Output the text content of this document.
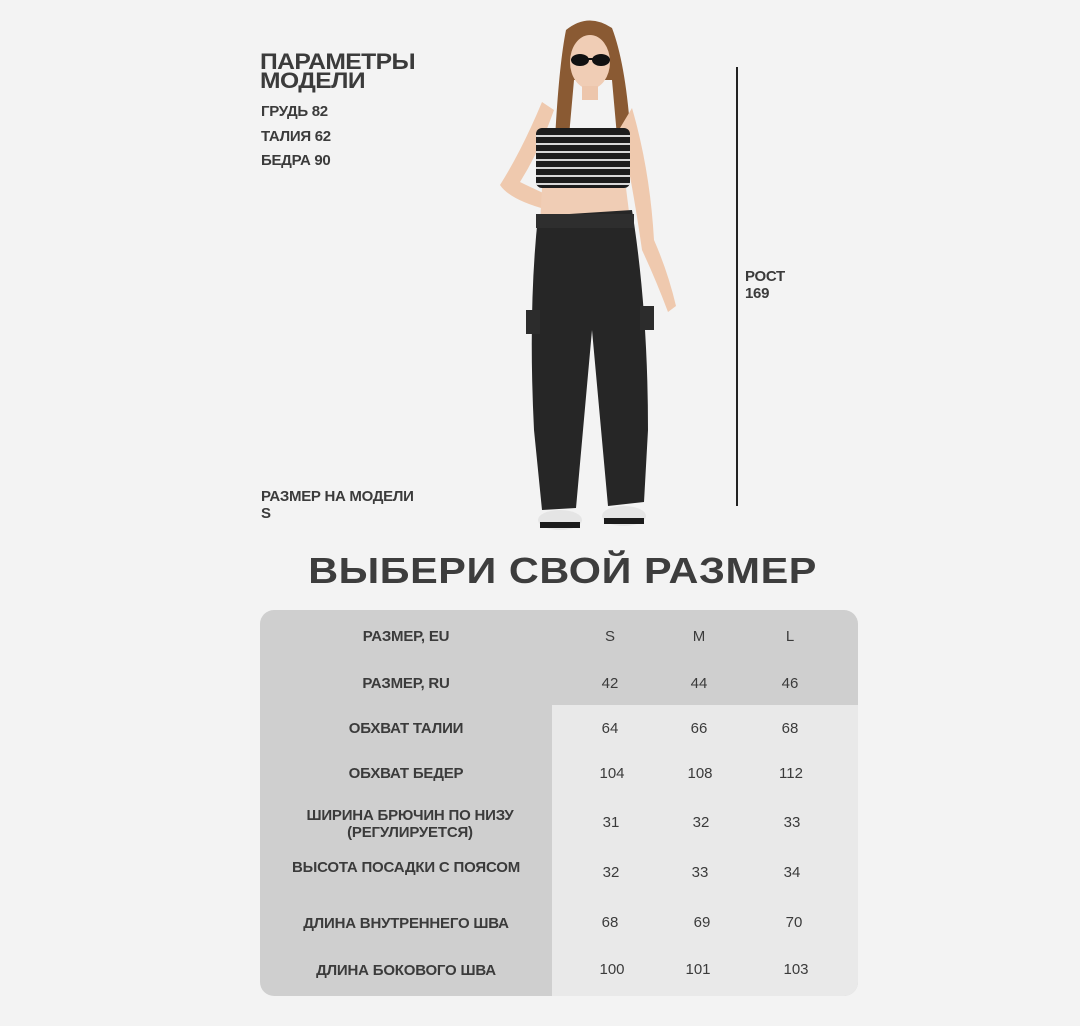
ПАРАМЕТРЫ МОДЕЛИ
ГРУДЬ 82
ТАЛИЯ 62
БЕДРА 90
РАЗМЕР НА МОДЕЛИ
S
РОСТ
169
ВЫБЕРИ СВОЙ РАЗМЕР
РАЗМЕР, EU	S	M	L
РАЗМЕР, RU	42	44	46
ОБХВАТ ТАЛИИ	64	66	68
ОБХВАТ БЕДЕР	104	108	112
ШИРИНА БРЮЧИН ПО НИЗУ
(РЕГУЛИРУЕТСЯ)
31	32	33
ВЫСОТА ПОСАДКИ С ПОЯСОМ	32	33	34
ДЛИНА ВНУТРЕННЕГО ШВА	68	69	70
ДЛИНА БОКОВОГО ШВА	100	101	103
